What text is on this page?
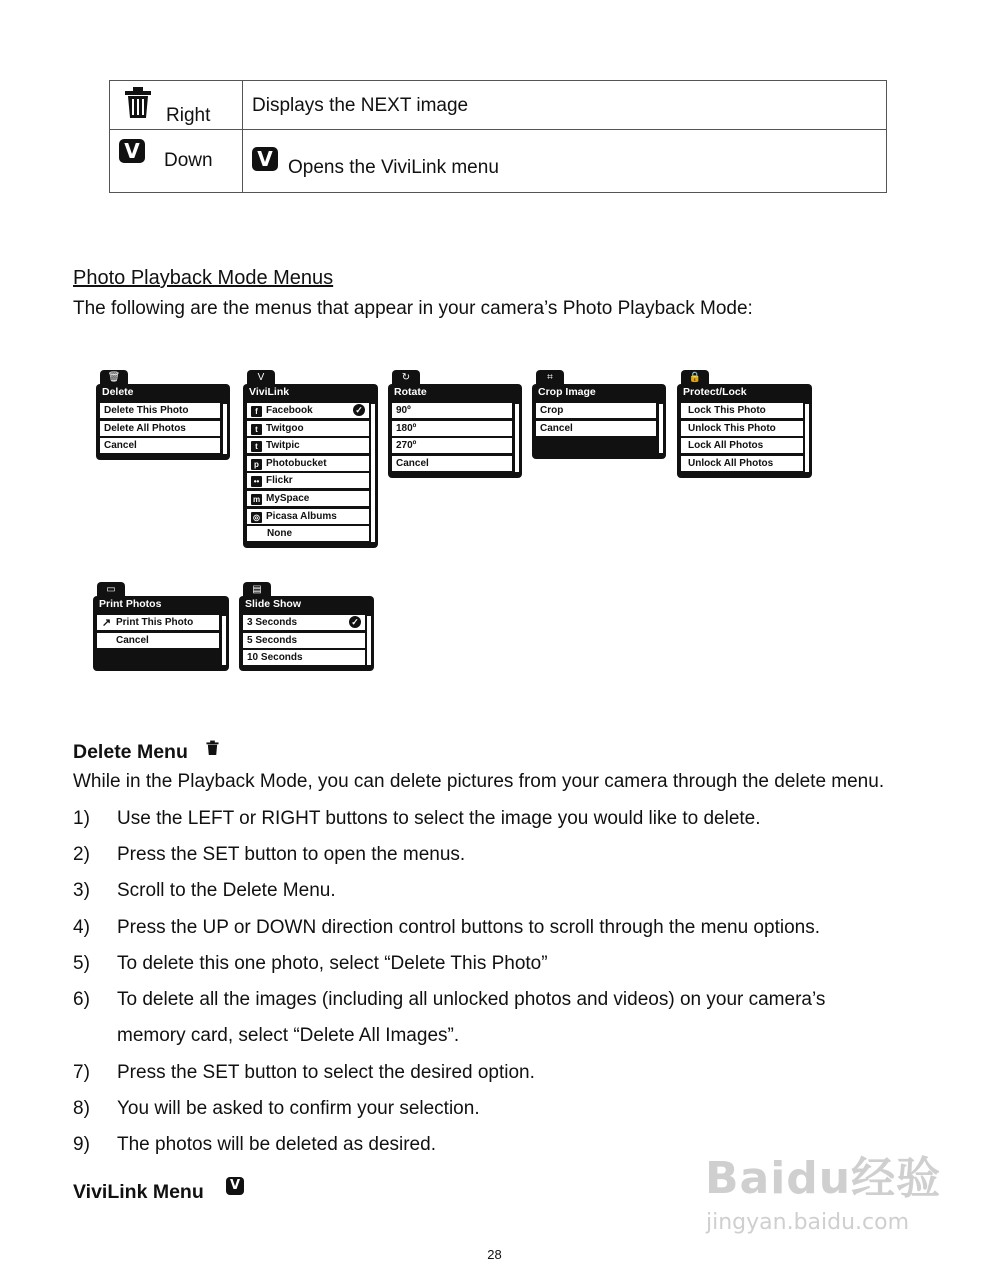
Right Displays the NEXT image
V Down V Opens the ViviLink menu
Photo Playback Mode Menus
The following are the menus that appear in your camera’s Photo Playback Mode:
🗑
Delete
Delete This Photo
Delete All Photos
Cancel
V
ViviLink
f Facebook	✓
t Twitgoo
t Twitpic
p Photobucket
•• Flickr
m MySpace
◎ Picasa Albums
None
↻
Rotate
90º
180º
270º
Cancel
⌗
Crop Image
Crop
Cancel
🔒
Protect/Lock
Lock This Photo
Unlock This Photo
Lock All Photos
Unlock All Photos
▭
Print Photos
↗ Print This Photo
Cancel
▤
Slide Show
3 Seconds	✓
5 Seconds
10 Seconds
Delete Menu
While in the Playback Mode, you can delete pictures from your camera through the delete menu.
1) Use the LEFT or RIGHT buttons to select the image you would like to delete.
2) Press the SET button to open the menus.
3) Scroll to the Delete Menu.
4) Press the UP or DOWN direction control buttons to scroll through the menu options.
5) To delete this one photo, select “Delete This Photo”
6) To delete all the images (including all unlocked photos and videos) on your camera’s
memory card, select “Delete All Images”.
7) Press the SET button to select the desired option.
8) You will be asked to confirm your selection.
9) The photos will be deleted as desired.
ViviLink Menu	V	Baidu经验
jingyan.baidu.com
28
